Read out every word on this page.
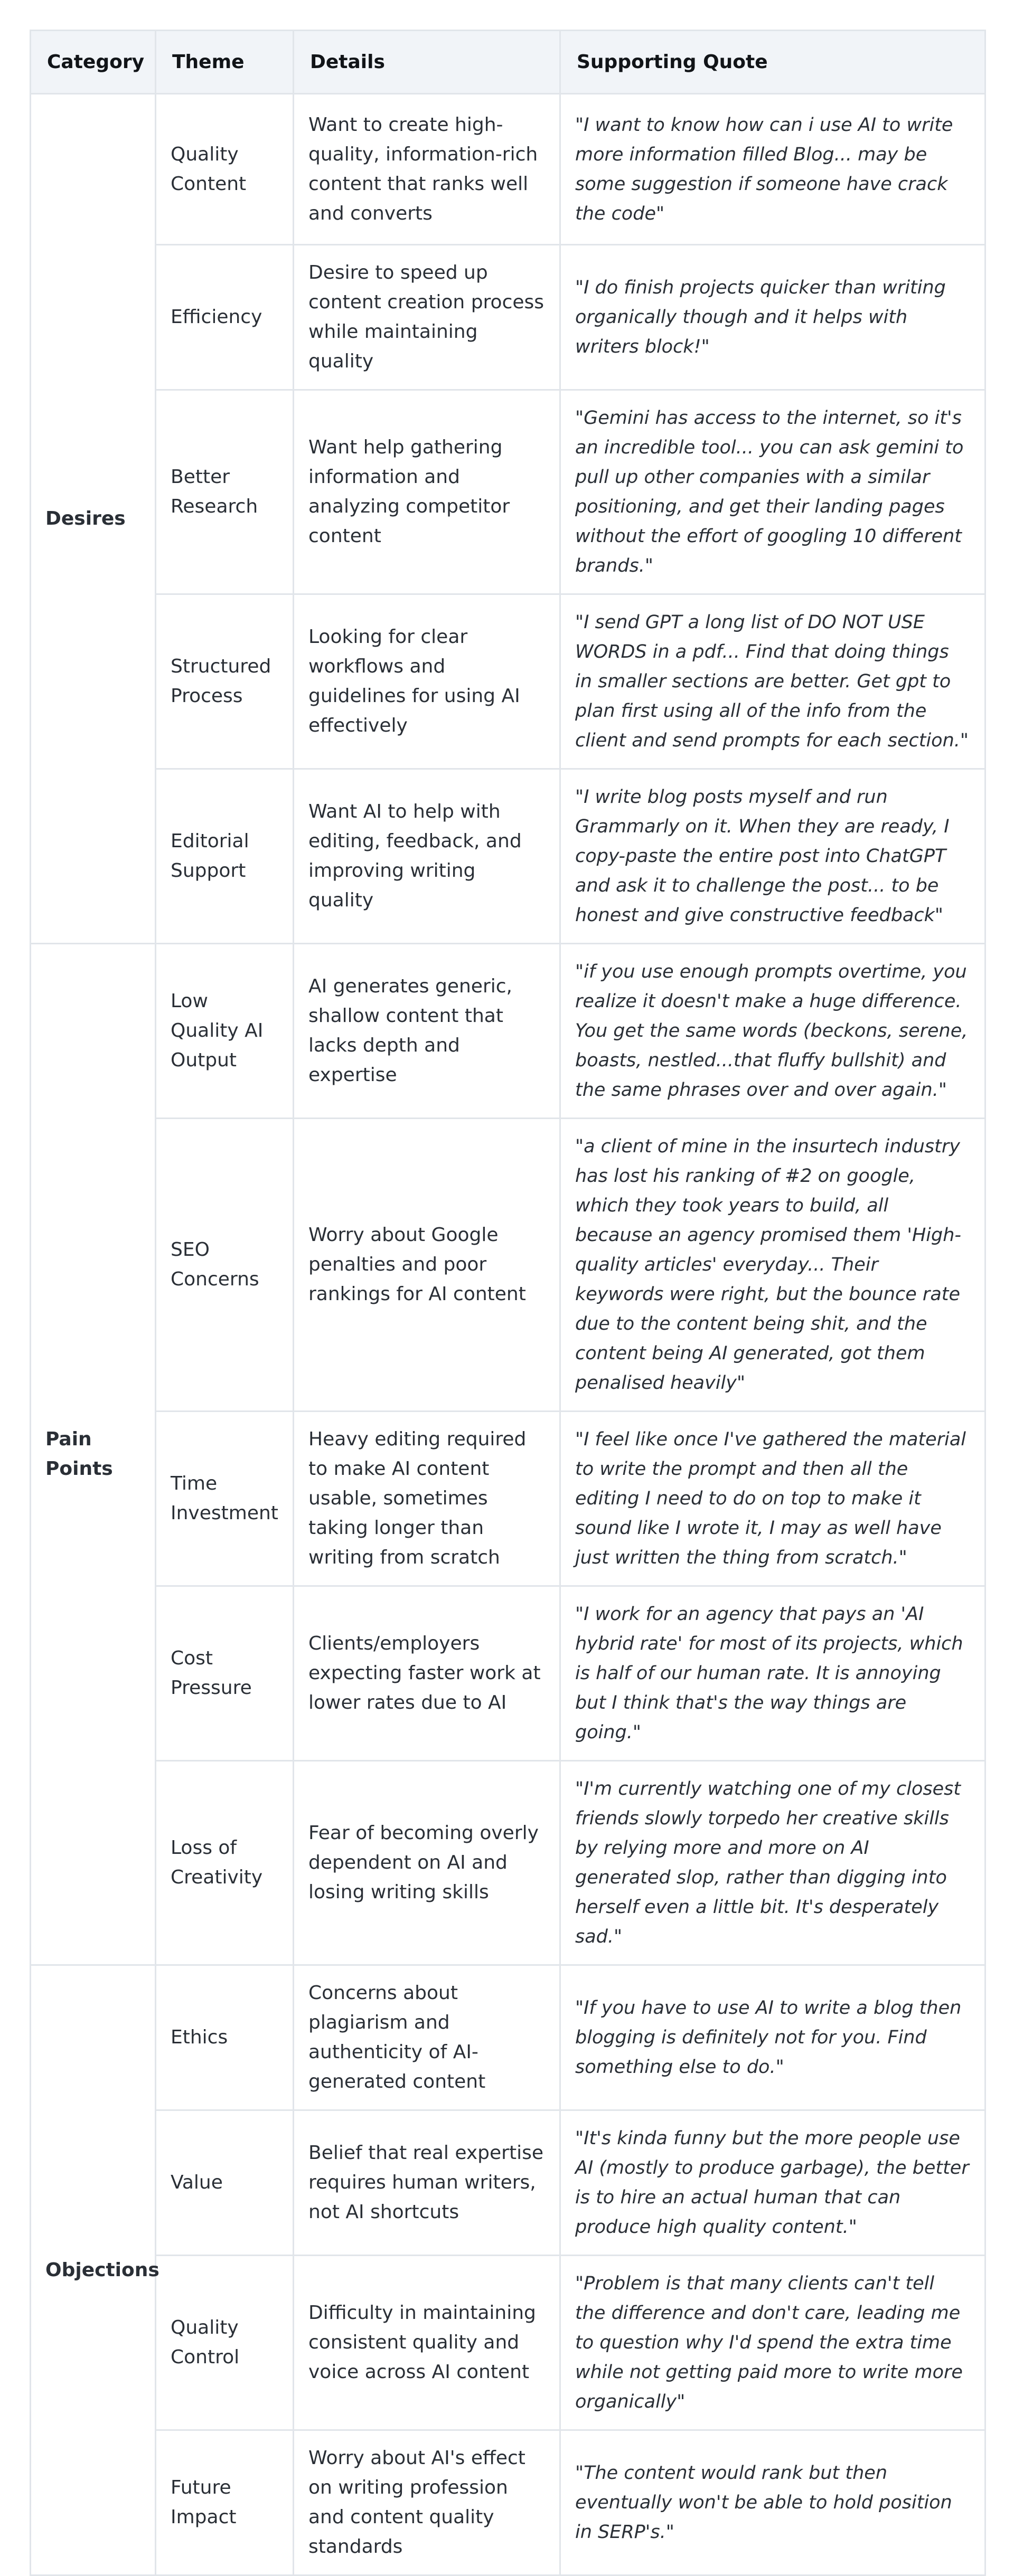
Category	Theme	Details	Supporting Quote
Desires	Quality Content	Want to create high-quality, information-rich content that ranks well and converts	"I want to know how can i use AI to write more information filled Blog... may be some suggestion if someone have crack the code"
	Efficiency	Desire to speed up content creation process while maintaining quality	"I do finish projects quicker than writing organically though and it helps with writers block!"
	Better Research	Want help gathering information and analyzing competitor content	"Gemini has access to the internet, so it's an incredible tool... you can ask gemini to pull up other companies with a similar positioning, and get their landing pages without the effort of googling 10 different brands."
	Structured Process	Looking for clear workflows and guidelines for using AI effectively	"I send GPT a long list of DO NOT USE WORDS in a pdf... Find that doing things in smaller sections are better. Get gpt to plan first using all of the info from the client and send prompts for each section."
	Editorial Support	Want AI to help with editing, feedback, and improving writing quality	"I write blog posts myself and run Grammarly on it. When they are ready, I copy-paste the entire post into ChatGPT and ask it to challenge the post... to be honest and give constructive feedback"
Pain Points	Low Quality AI Output	AI generates generic, shallow content that lacks depth and expertise	"if you use enough prompts overtime, you realize it doesn't make a huge difference. You get the same words (beckons, serene, boasts, nestled...that fluffy bullshit) and the same phrases over and over again."
	SEO Concerns	Worry about Google penalties and poor rankings for AI content	"a client of mine in the insurtech industry has lost his ranking of #2 on google, which they took years to build, all because an agency promised them 'High-quality articles' everyday... Their keywords were right, but the bounce rate due to the content being shit, and the content being AI generated, got them penalised heavily"
	Time Investment	Heavy editing required to make AI content usable, sometimes taking longer than writing from scratch	"I feel like once I've gathered the material to write the prompt and then all the editing I need to do on top to make it sound like I wrote it, I may as well have just written the thing from scratch."
	Cost Pressure	Clients/employers expecting faster work at lower rates due to AI	"I work for an agency that pays an 'AI hybrid rate' for most of its projects, which is half of our human rate. It is annoying but I think that's the way things are going."
	Loss of Creativity	Fear of becoming overly dependent on AI and losing writing skills	"I'm currently watching one of my closest friends slowly torpedo her creative skills by relying more and more on AI generated slop, rather than digging into herself even a little bit. It's desperately sad."
Objections	Ethics	Concerns about plagiarism and authenticity of AI-generated content	"If you have to use AI to write a blog then blogging is definitely not for you. Find something else to do."
	Value	Belief that real expertise requires human writers, not AI shortcuts	"It's kinda funny but the more people use AI (mostly to produce garbage), the better is to hire an actual human that can produce high quality content."
	Quality Control	Difficulty in maintaining consistent quality and voice across AI content	"Problem is that many clients can't tell the difference and don't care, leading me to question why I'd spend the extra time while not getting paid more to write more organically"
	Future Impact	Worry about AI's effect on writing profession and content quality standards	"The content would rank but then eventually won't be able to hold position in SERP's."
